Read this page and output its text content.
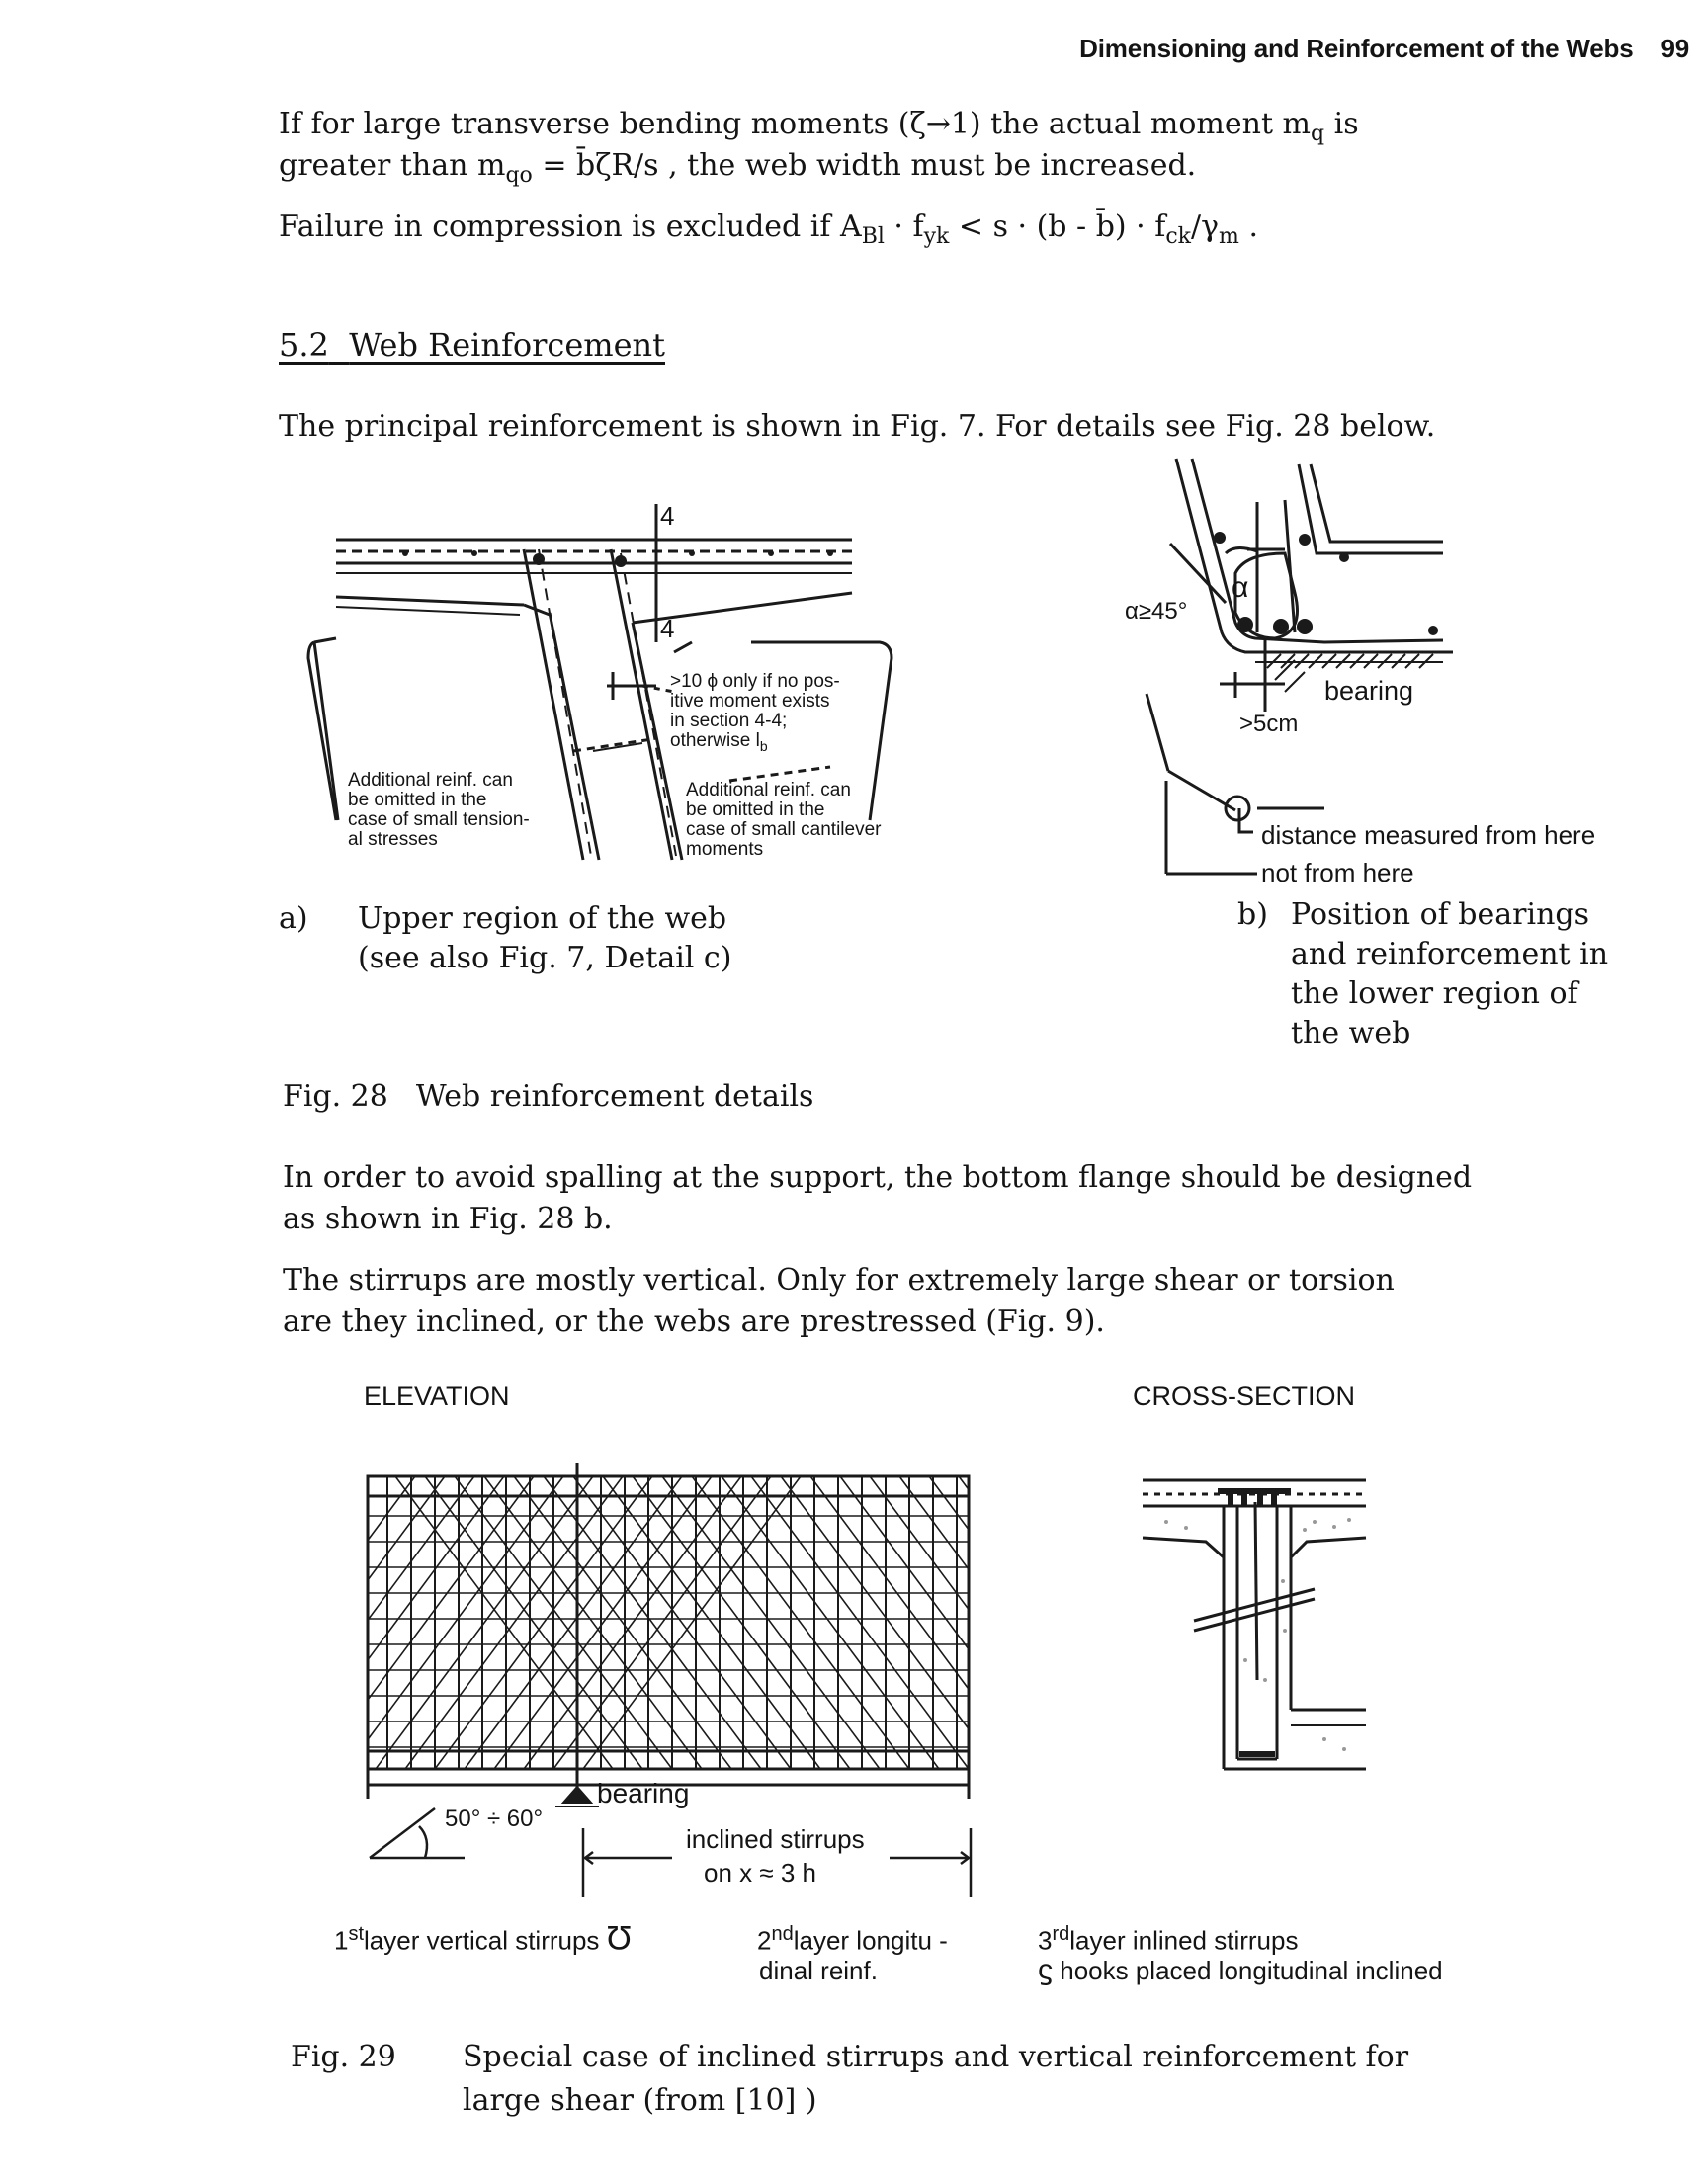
Dimensioning and Reinforcement of the Webs 99
If for large transverse bending moments (ζ→1) the actual moment $m_q$ is
greater than $m_{qo}$ = b̄ζR/s , the web width must be increased.
Failure in compression is excluded if $A_{Bl} \cdot f_{yk} < s \cdot (b$ - b̄) · $f_{ck}/\gamma_m$ .
5.2 Web Reinforcement
The principal reinforcement is shown in Fig. 7. For details see Fig. 28 below.
4
4
>10 ϕ only if no pos-
itive moment exists
in section 4-4;
otherwise $l_b$
Additional reinf. can
be omitted in the
case of small tension-
al stresses
Additional reinf. can
be omitted in the
case of small cantilever
moments
α
α≥45°
bearing
>5cm
distance measured from here
not from here
a) Upper region of the web
(see also Fig. 7, Detail c)
b) Position of bearings
and reinforcement in
the lower region of
the web
Fig. 28 Web reinforcement details
In order to avoid spalling at the support, the bottom flange should be designed
as shown in Fig. 28 b.
The stirrups are mostly vertical. Only for extremely large shear or torsion
are they inclined, or the webs are prestressed (Fig. 9).
ELEVATION	CROSS-SECTION
bearing
50° ÷ 60°
inclined stirrups
on x ≈ 3 h
1stlayer vertical stirrups Ʊ	2ndlayer longitu -
dinal reinf.
3rdlayer inlined stirrups
ϛ hooks placed longitudinal inclined
Fig. 29 Special case of inclined stirrups and vertical reinforcement for
large shear (from [10] )
